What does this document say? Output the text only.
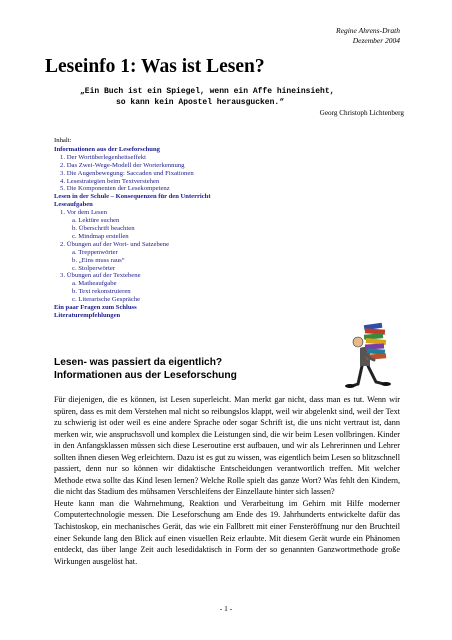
Regine Ahrens-Drath
Dezember 2004
Leseinfo 1: Was ist Lesen?
„Ein Buch ist ein Spiegel, wenn ein Affe hineinsieht,
so kann kein Apostel herausgucken.“
Georg Christoph Lichtenberg
Inhalt:
Informationen aus der Leseforschung
1. Der Wortüberlegenheitseffekt
2. Das Zwei-Wege-Modell der Worterkennung
3. Die Augenbewegung: Saccaden und Fixationen
4. Lesestrategien beim Textverstehen
5. Die Komponenten der Lesekompetenz
Lesen in der Schule – Konsequenzen für den Unterricht
Leseaufgaben
1. Vor dem Lesen
a. Lektüre suchen
b. Überschrift beachten
c. Mindmap erstellen
2. Übungen auf der Wort- und Satzebene
a. Treppenwörter
b. „Eins muss raus“
c. Stolperwörter
3. Übungen auf der Textebene
a. Matheaufgabe
b. Text rekonstruieren
c. Literarische Gespräche
Ein paar Fragen zum Schluss
Literaturempfehlungen
Lesen- was passiert da eigentlich?
Informationen aus der Leseforschung

Für diejenigen, die es können, ist Lesen superleicht. Man merkt gar nicht, dass man es tut. Wenn wir spüren, dass es mit dem Verstehen mal nicht so reibungslos klappt, weil wir abgelenkt sind, weil der Text zu schwierig ist oder weil es eine andere Sprache oder sogar Schrift ist, die uns nicht vertraut ist, dann merken wir, wie anspruchsvoll und komplex die Leistungen sind, die wir beim Lesen vollbringen. Kinder in den Anfangsklassen müssen sich diese Leseroutine erst aufbauen, und wir als Lehrerinnen und Lehrer sollten ihnen diesen Weg erleichtern. Dazu ist es gut zu wissen, was eigentlich beim Lesen so blitzschnell passiert, denn nur so können wir didaktische Entscheidungen verantwortlich treffen. Mit welcher Methode etwa sollte das Kind lesen lernen? Welche Rolle spielt das ganze Wort? Was fehlt den Kindern, die nicht das Stadium des mühsamen Verschleifens der Einzellaute hinter sich lassen?

Heute kann man die Wahrnehmung, Reaktion und Verarbeitung im Gehirn mit Hilfe moderner Computertechnologie messen. Die Leseforschung am Ende des 19. Jahrhunderts entwickelte dafür das Tachistoskop, ein mechanisches Gerät, das wie ein Fallbrett mit einer Fensteröffnung nur den Bruchteil einer Sekunde lang den Blick auf einen visuellen Reiz erlaubte. Mit diesem Gerät wurde ein Phänomen entdeckt, das über lange Zeit auch lesedidaktisch in Form der so genannten Ganzwortmethode große Wirkungen ausgelöst hat.

- 1 -
